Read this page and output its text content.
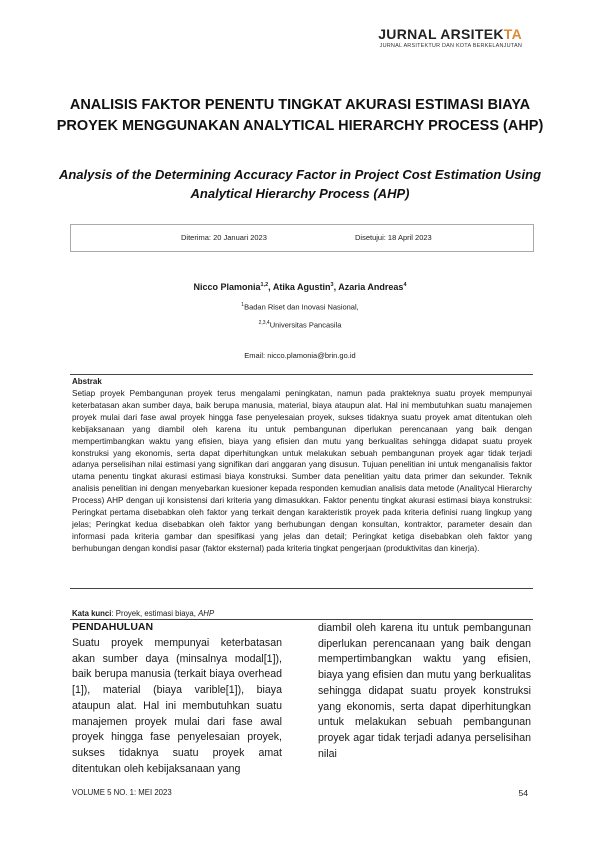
JURNAL ARSITEKTA
JURNAL ARSITEKTUR DAN KOTA BERKELANJUTAN
ANALISIS FAKTOR PENENTU TINGKAT AKURASI ESTIMASI BIAYA
PROYEK MENGGUNAKAN ANALYTICAL HIERARCHY PROCESS (AHP)
Analysis of the Determining Accuracy Factor in Project Cost Estimation Using
Analytical Hierarchy Process (AHP)
Diterima: 20 Januari 2023	Disetujui: 18 April 2023
Nicco Plamonia$^{1,2}$, Atika Agustin$^3$, Azaria Andreas$^4$
$^1$Badan Riset dan Inovasi Nasional,
$^{2,3,4}$Universitas Pancasila
Email: nicco.plamonia@brin.go.id
Abstrak
Setiap proyek Pembangunan proyek terus mengalami peningkatan, namun pada prakteknya suatu proyek mempunyai keterbatasan akan sumber daya, baik berupa manusia, material, biaya ataupun alat. Hal ini membutuhkan suatu manajemen proyek mulai dari fase awal proyek hingga fase penyelesaian proyek, sukses tidaknya suatu proyek amat ditentukan oleh kebijaksanaan yang diambil oleh karena itu untuk pembangunan diperlukan perencanaan yang baik dengan mempertimbangkan waktu yang efisien, biaya yang efisien dan mutu yang berkualitas sehingga didapat suatu proyek konstruksi yang ekonomis, serta dapat diperhitungkan untuk melakukan sebuah pembangunan proyek agar tidak terjadi adanya perselisihan nilai estimasi yang signifikan dari anggaran yang disusun. Tujuan penelitian ini untuk menganalisis faktor utama penentu tingkat akurasi estimasi biaya konstruksi. Sumber data penelitian yaitu data primer dan sekunder. Teknik analisis penelitian ini dengan menyebarkan kuesioner kepada responden kemudian analisis data metode (Analitycal Hierarchy Process) AHP dengan uji konsistensi dari kriteria yang dimasukkan. Faktor penentu tingkat akurasi estimasi biaya konstruksi: Peringkat pertama disebabkan oleh faktor yang terkait dengan karakteristik proyek pada kriteria definisi ruang lingkup yang jelas; Peringkat kedua disebabkan oleh faktor yang berhubungan dengan konsultan, kontraktor, parameter desain dan informasi pada kriteria gambar dan spesifikasi yang jelas dan detail; Peringkat ketiga disebabkan oleh faktor yang berhubungan dengan kondisi pasar (faktor eksternal) pada kriteria tingkat pengerjaan (produktivitas dan kinerja).
Kata kunci: Proyek, estimasi biaya, AHP
PENDAHULUAN
Suatu proyek mempunyai keterbatasan akan sumber daya (minsalnya modal[1]), baik berupa manusia (terkait biaya overhead [1]), material (biaya varible[1]), biaya ataupun alat. Hal ini membutuhkan suatu manajemen proyek mulai dari fase awal proyek hingga fase penyelesaian proyek, sukses tidaknya suatu proyek amat ditentukan oleh kebijaksanaan yang
diambil oleh karena itu untuk pembangunan diperlukan perencanaan yang baik dengan mempertimbangkan waktu yang efisien, biaya yang efisien dan mutu yang berkualitas sehingga didapat suatu proyek konstruksi yang ekonomis, serta dapat diperhitungkan untuk melakukan sebuah pembangunan proyek agar tidak terjadi adanya perselisihan nilai
VOLUME 5 NO. 1: MEI 2023	54
